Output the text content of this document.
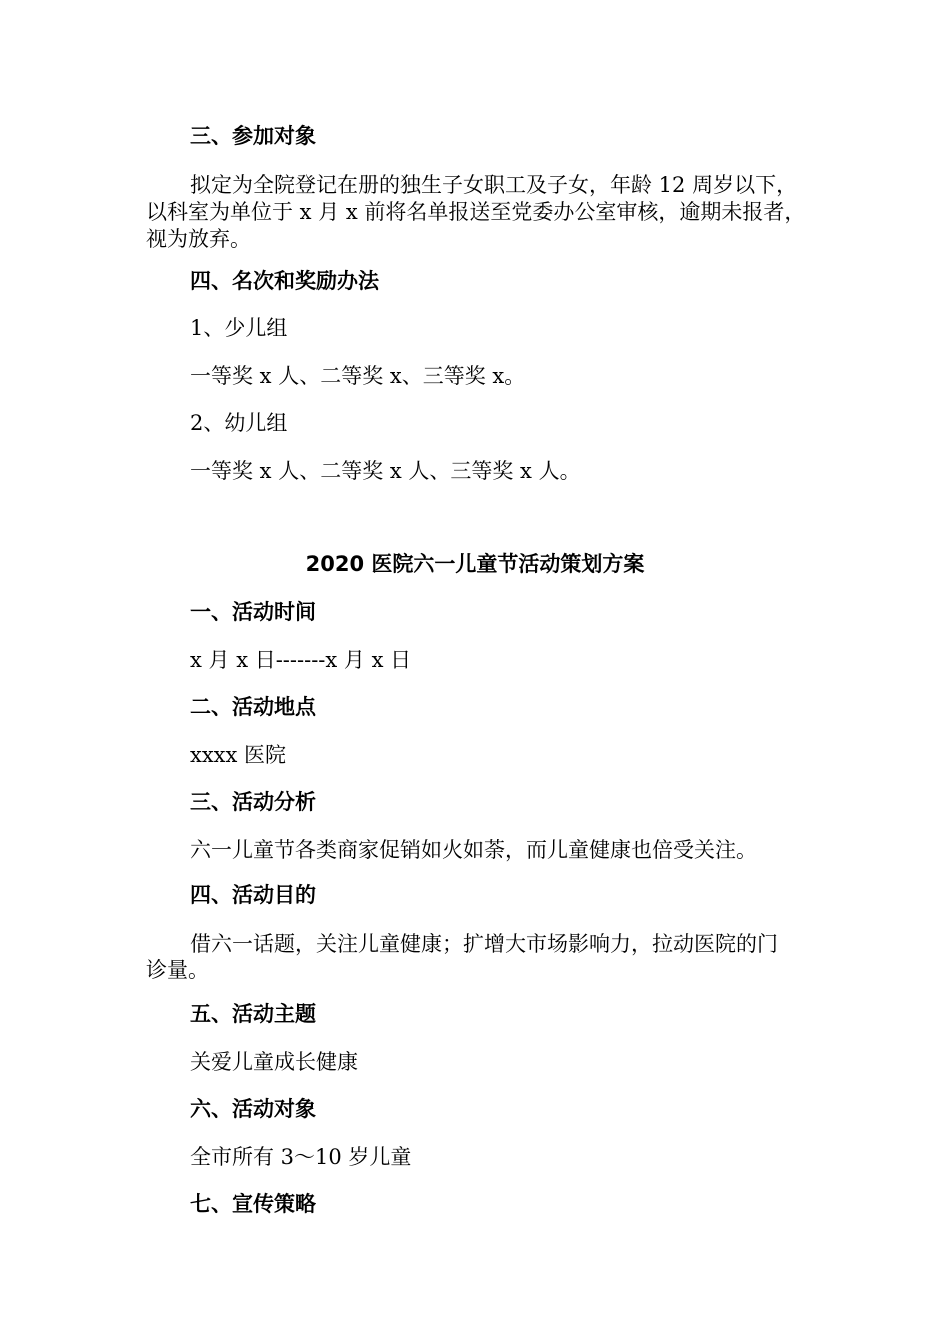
三、参加对象
拟定为全院登记在册的独生子女职工及子女，年龄 12 周岁以下，
以科室为单位于 x 月 x 前将名单报送至党委办公室审核，逾期未报者，
视为放弃。
四、名次和奖励办法
1、少儿组
一等奖 x 人、二等奖 x、三等奖 x。
2、幼儿组
一等奖 x 人、二等奖 x 人、三等奖 x 人。
2020 医院六一儿童节活动策划方案
一、活动时间
x 月 x 日-------x 月 x 日
二、活动地点
xxxx 医院
三、活动分析
六一儿童节各类商家促销如火如荼，而儿童健康也倍受关注。
四、活动目的
借六一话题，关注儿童健康；扩增大市场影响力，拉动医院的门
诊量。
五、活动主题
关爱儿童成长健康
六、活动对象
全市所有 3～10 岁儿童
七、宣传策略
